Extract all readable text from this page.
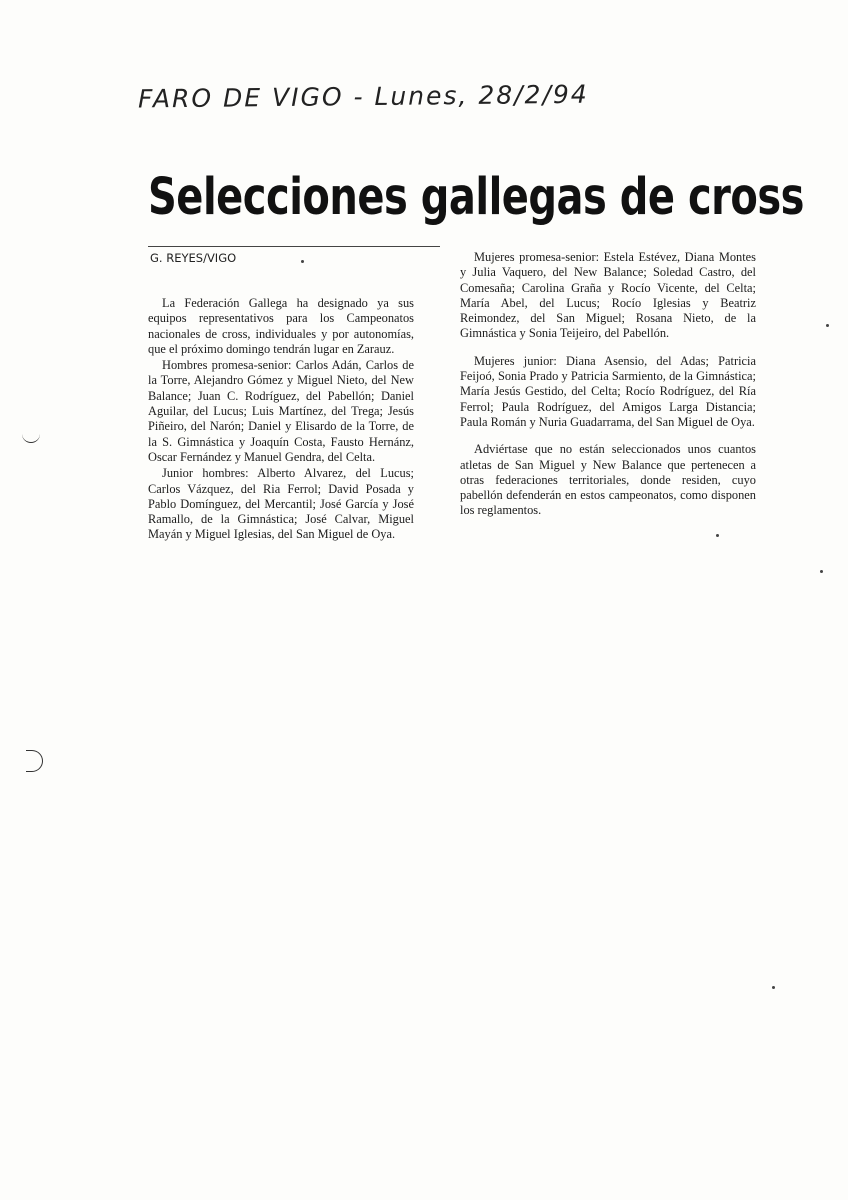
FARO DE VIGO - Lunes, 28/2/94
Selecciones gallegas de cross
G. REYES/VIGO

La Federación Gallega ha designado ya sus equipos representativos para los Campeonatos nacionales de cross, individuales y por autonomías, que el próximo domingo tendrán lugar en Zarauz.

Hombres promesa-senior: Carlos Adán, Carlos de la Torre, Alejandro Gómez y Miguel Nieto, del New Balance; Juan C. Rodríguez, del Pabellón; Daniel Aguilar, del Lucus; Luis Martínez, del Trega; Jesús Piñeiro, del Narón; Daniel y Elisardo de la Torre, de la S. Gimnástica y Joaquín Costa, Fausto Hernánz, Oscar Fernández y Manuel Gendra, del Celta.

Junior hombres: Alberto Alvarez, del Lucus; Carlos Vázquez, del Ria Ferrol; David Posada y Pablo Domínguez, del Mercantil; José García y José Ramallo, de la Gimnástica; José Calvar, Miguel Mayán y Miguel Iglesias, del San Miguel de Oya.

Mujeres promesa-senior: Estela Estévez, Diana Montes y Julia Vaquero, del New Balance; Soledad Castro, del Comesaña; Carolina Graña y Rocío Vicente, del Celta; María Abel, del Lucus; Rocío Iglesias y Beatriz Reimondez, del San Miguel; Rosana Nieto, de la Gimnástica y Sonia Teijeiro, del Pabellón.

Mujeres junior: Diana Asensio, del Adas; Patricia Feijoó, Sonia Prado y Patricia Sarmiento, de la Gimnástica; María Jesús Gestido, del Celta; Rocío Rodríguez, del Ría Ferrol; Paula Rodríguez, del Amigos Larga Distancia; Paula Román y Nuria Guadarrama, del San Miguel de Oya.

Adviértase que no están seleccionados unos cuantos atletas de San Miguel y New Balance que pertenecen a otras federaciones territoriales, donde residen, cuyo pabellón defenderán en estos campeonatos, como disponen los reglamentos.
